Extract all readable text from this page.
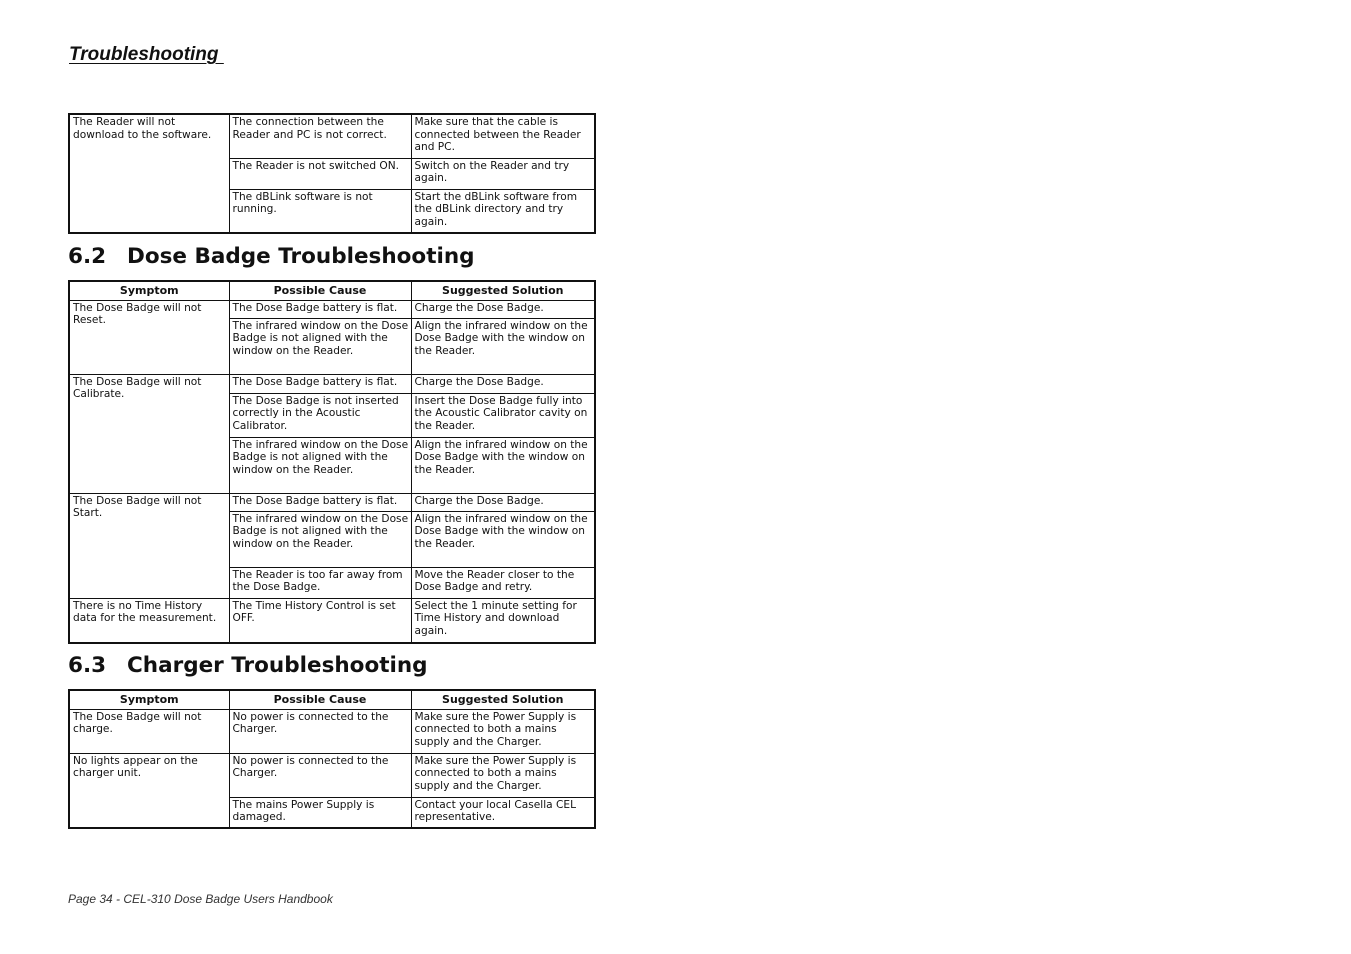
Troubleshooting
The Reader will not download to the software.	The connection between the Reader and PC is not correct.	Make sure that the cable is connected between the Reader and PC.
	The Reader is not switched ON.	Switch on the Reader and try again.
	The dBLink software is not running.	Start the dBLink software from the dBLink directory and try again.
6.2 Dose Badge Troubleshooting
Symptom	Possible Cause	Suggested Solution
The Dose Badge will not Reset.	The Dose Badge battery is flat.	Charge the Dose Badge.
	The infrared window on the Dose Badge is not aligned with the window on the Reader.	Align the infrared window on the Dose Badge with the window on the Reader.
The Dose Badge will not Calibrate.	The Dose Badge battery is flat.	Charge the Dose Badge.
	The Dose Badge is not inserted correctly in the Acoustic Calibrator.	Insert the Dose Badge fully into the Acoustic Calibrator cavity on the Reader.
	The infrared window on the Dose Badge is not aligned with the window on the Reader.	Align the infrared window on the Dose Badge with the window on the Reader.
The Dose Badge will not Start.	The Dose Badge battery is flat.	Charge the Dose Badge.
	The infrared window on the Dose Badge is not aligned with the window on the Reader.	Align the infrared window on the Dose Badge with the window on the Reader.
	The Reader is too far away from the Dose Badge.	Move the Reader closer to the Dose Badge and retry.
There is no Time History data for the measurement.	The Time History Control is set OFF.	Select the 1 minute setting for Time History and download again.
6.3 Charger Troubleshooting
Symptom	Possible Cause	Suggested Solution
The Dose Badge will not charge.	No power is connected to the Charger.	Make sure the Power Supply is connected to both a mains supply and the Charger.
No lights appear on the charger unit.	No power is connected to the Charger.	Make sure the Power Supply is connected to both a mains supply and the Charger.
	The mains Power Supply is damaged.	Contact your local Casella CEL representative.

Page 34 - CEL-310 Dose Badge Users Handbook
